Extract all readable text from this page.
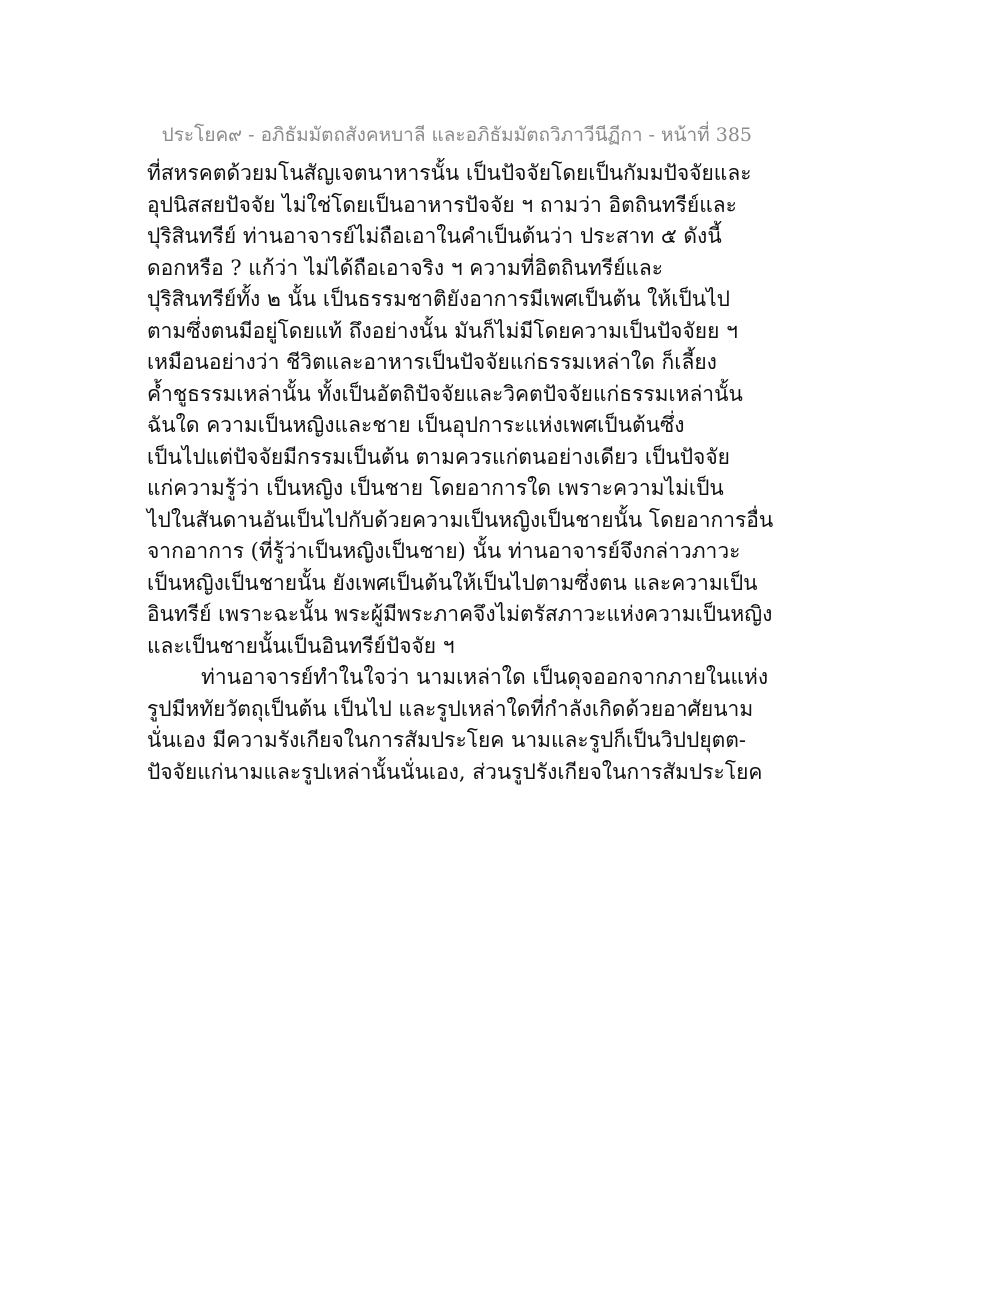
ประโยค๙ - อภิธัมมัตถสังคหบาลี และอภิธัมมัตถวิภาวีนีฏีกา - หน้าที่ 385

ที่สหรคตด้วยมโนสัญเจตนาหารนั้น เป็นปัจจัยโดยเป็นกัมมปัจจัยและ
อุปนิสสยปัจจัย ไม่ใช่โดยเป็นอาหารปัจจัย ฯ ถามว่า อิตถินทรีย์และ
ปุริสินทรีย์ ท่านอาจารย์ไม่ถือเอาในคำเป็นต้นว่า ประสาท ๕ ดังนี้
ดอกหรือ ? แก้ว่า ไม่ได้ถือเอาจริง ฯ ความที่อิตถินทรีย์และ
ปุริสินทรีย์ทั้ง ๒ นั้น เป็นธรรมชาติยังอาการมีเพศเป็นต้น ให้เป็นไป
ตามซึ่งตนมีอยู่โดยแท้ ถึงอย่างนั้น มันก็ไม่มีโดยความเป็นปัจจัยย ฯ
เหมือนอย่างว่า ชีวิตและอาหารเป็นปัจจัยแก่ธรรมเหล่าใด ก็เลี้ยง
ค้ำชูธรรมเหล่านั้น ทั้งเป็นอัตถิปัจจัยและวิคตปัจจัยแก่ธรรมเหล่านั้น
ฉันใด ความเป็นหญิงและชาย เป็นอุปการะแห่งเพศเป็นต้นซึ่ง
เป็นไปแต่ปัจจัยมีกรรมเป็นต้น ตามควรแก่ตนอย่างเดียว เป็นปัจจัย
แก่ความรู้ว่า เป็นหญิง เป็นชาย โดยอาการใด เพราะความไม่เป็น
ไปในสันดานอันเป็นไปกับด้วยความเป็นหญิงเป็นชายนั้น โดยอาการอื่น
จากอาการ (ที่รู้ว่าเป็นหญิงเป็นชาย) นั้น ท่านอาจารย์จึงกล่าวภาวะ
เป็นหญิงเป็นชายนั้น ยังเพศเป็นต้นให้เป็นไปตามซึ่งตน และความเป็น
อินทรีย์ เพราะฉะนั้น พระผู้มีพระภาคจึงไม่ตรัสภาวะแห่งความเป็นหญิง
และเป็นชายนั้นเป็นอินทรีย์ปัจจัย ฯ

ท่านอาจารย์ทำในใจว่า นามเหล่าใด เป็นดุจออกจากภายในแห่ง
รูปมีหทัยวัตถุเป็นต้น เป็นไป และรูปเหล่าใดที่กำลังเกิดด้วยอาศัยนาม
นั่นเอง มีความรังเกียจในการสัมประโยค นามและรูปก็เป็นวิปปยุตต-
ปัจจัยแก่นามและรูปเหล่านั้นนั่นเอง, ส่วนรูปรังเกียจในการสัมประโยค
